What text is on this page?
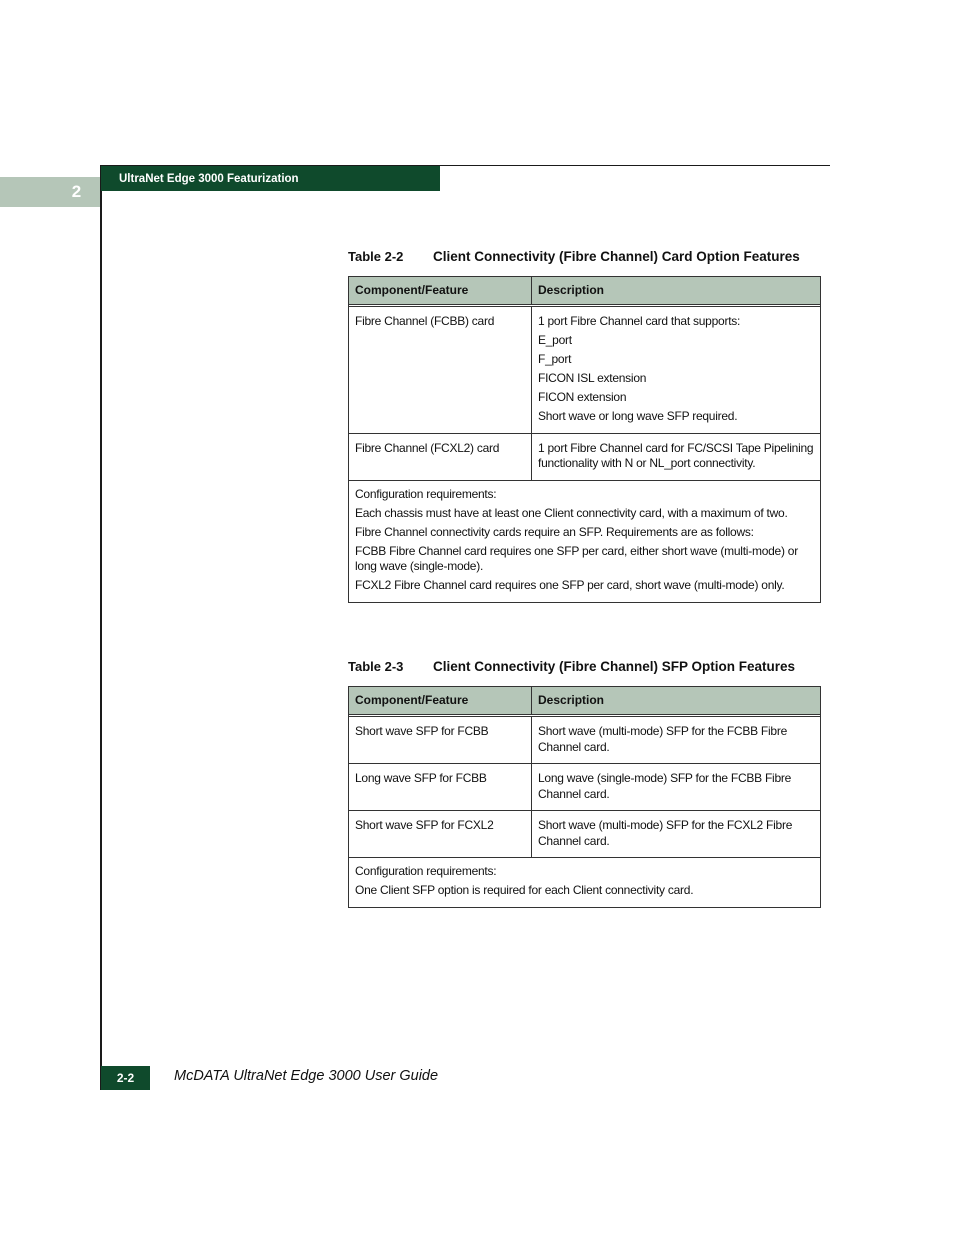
2
UltraNet Edge 3000 Featurization
Table 2-2	Client Connectivity (Fibre Channel) Card Option Features
Component/Feature	Description
Fibre Channel (FCBB) card	1 port Fibre Channel card that supports:
E_port
F_port
FICON ISL extension
FICON extension
Short wave or long wave SFP required.
Fibre Channel (FCXL2) card	1 port Fibre Channel card for FC/SCSI Tape Pipelining functionality with N or NL_port connectivity.
Configuration requirements:
Each chassis must have at least one Client connectivity card, with a maximum of two.
Fibre Channel connectivity cards require an SFP. Requirements are as follows:
FCBB Fibre Channel card requires one SFP per card, either short wave (multi-mode) or long wave (single-mode).
FCXL2 Fibre Channel card requires one SFP per card, short wave (multi-mode) only.
Table 2-3	Client Connectivity (Fibre Channel) SFP Option Features
Component/Feature	Description
Short wave SFP for FCBB	Short wave (multi-mode) SFP for the FCBB Fibre Channel card.
Long wave SFP for FCBB	Long wave (single-mode) SFP for the FCBB Fibre Channel card.
Short wave SFP for FCXL2	Short wave (multi-mode) SFP for the FCXL2 Fibre Channel card.
Configuration requirements:
One Client SFP option is required for each Client connectivity card.
2-2	McDATA UltraNet Edge 3000 User Guide
